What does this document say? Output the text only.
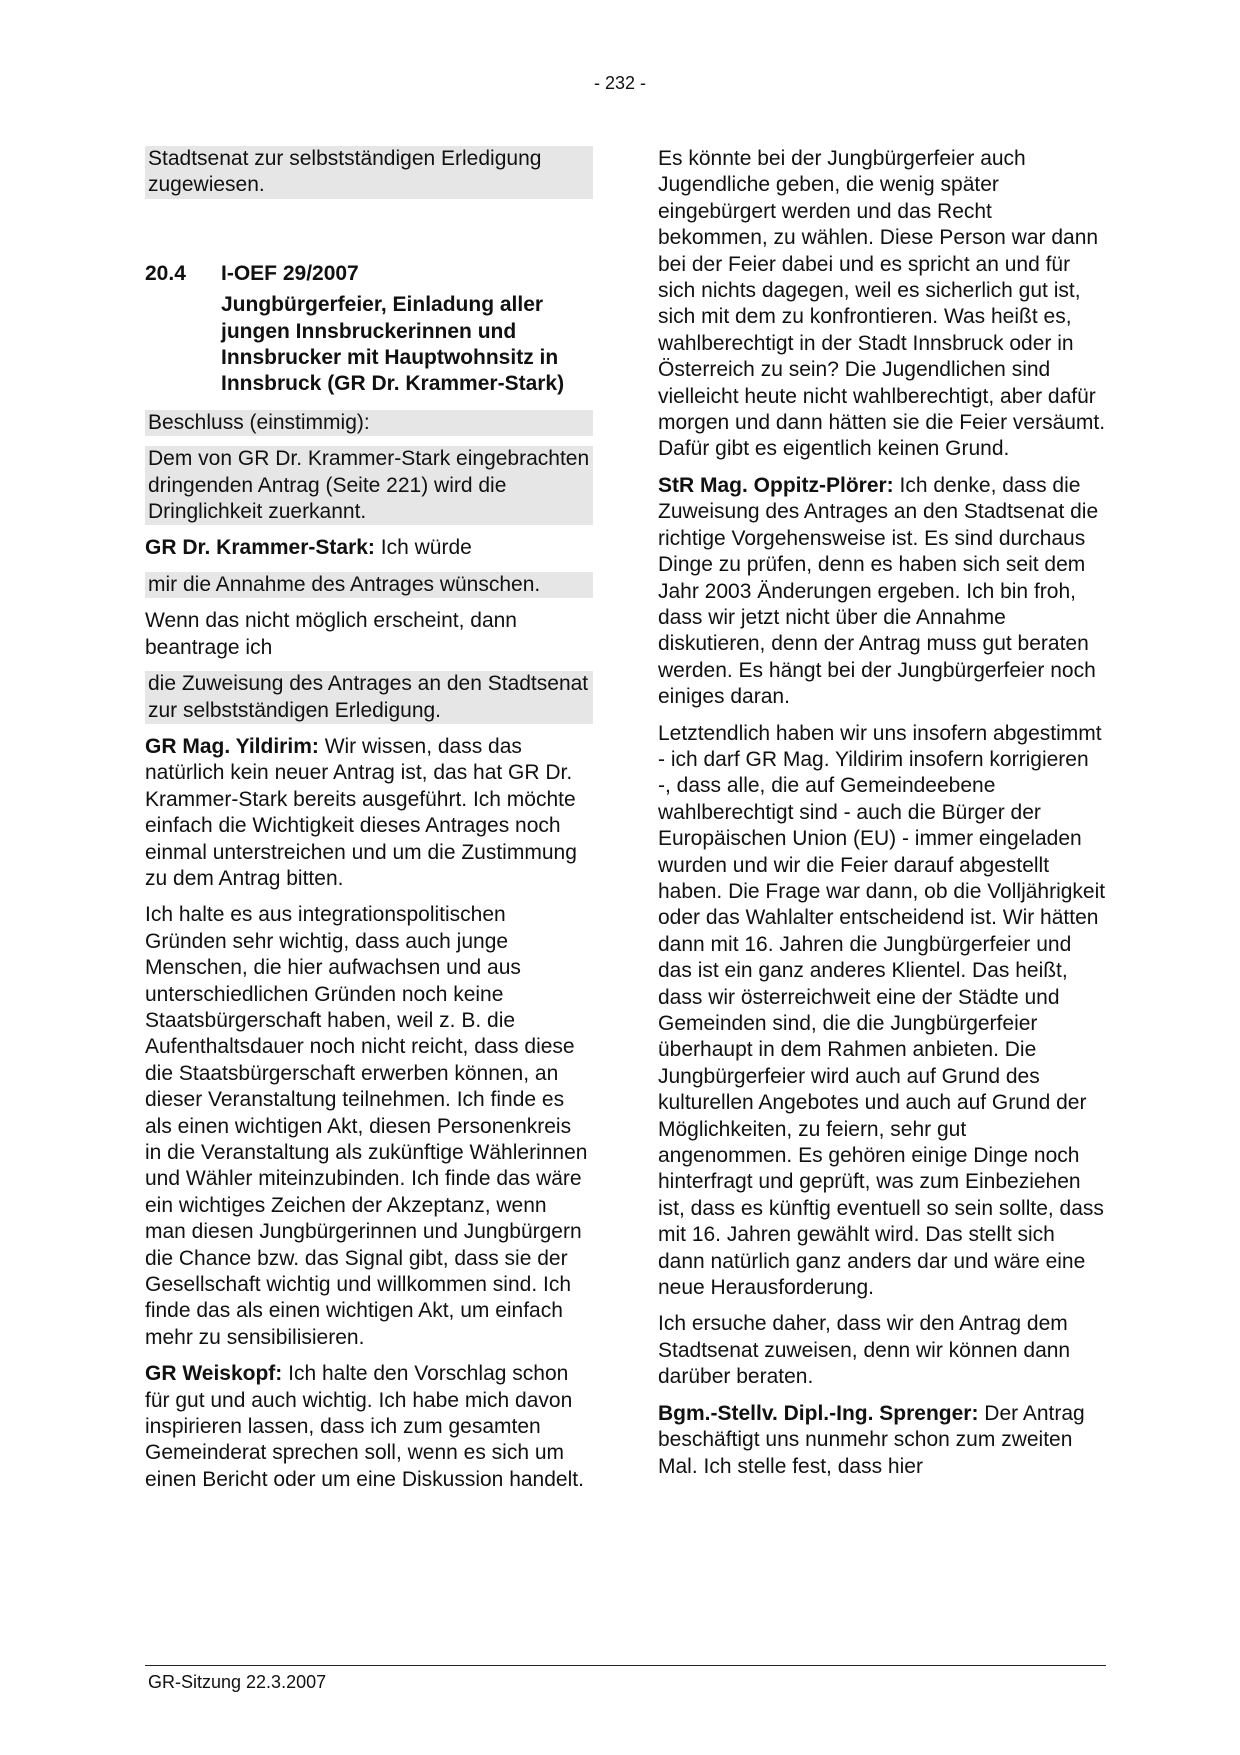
- 232 -

Stadtsenat zur selbstständigen Erledigung zugewiesen.

20.4	I-OEF 29/2007
Jungbürgerfeier, Einladung aller jungen Innsbruckerinnen und Innsbrucker mit Hauptwohnsitz in Innsbruck (GR Dr. Krammer-Stark)

Beschluss (einstimmig):

Dem von GR Dr. Krammer-Stark eingebrachten dringenden Antrag (Seite 221) wird die Dringlichkeit zuerkannt.

GR Dr. Krammer-Stark: Ich würde

mir die Annahme des Antrages wünschen.

Wenn das nicht möglich erscheint, dann beantrage ich

die Zuweisung des Antrages an den Stadtsenat zur selbstständigen Erledigung.

GR Mag. Yildirim: Wir wissen, dass das natürlich kein neuer Antrag ist, das hat GR Dr. Krammer-Stark bereits ausgeführt. Ich möchte einfach die Wichtigkeit dieses Antrages noch einmal unterstreichen und um die Zustimmung zu dem Antrag bitten.

Ich halte es aus integrationspolitischen Gründen sehr wichtig, dass auch junge Menschen, die hier aufwachsen und aus unterschiedlichen Gründen noch keine Staatsbürgerschaft haben, weil z. B. die Aufenthaltsdauer noch nicht reicht, dass diese die Staatsbürgerschaft erwerben können, an dieser Veranstaltung teilnehmen. Ich finde es als einen wichtigen Akt, diesen Personenkreis in die Veranstaltung als zukünftige Wählerinnen und Wähler miteinzubinden. Ich finde das wäre ein wichtiges Zeichen der Akzeptanz, wenn man diesen Jungbürgerinnen und Jungbürgern die Chance bzw. das Signal gibt, dass sie der Gesellschaft wichtig und willkommen sind. Ich finde das als einen wichtigen Akt, um einfach mehr zu sensibilisieren.

GR Weiskopf: Ich halte den Vorschlag schon für gut und auch wichtig. Ich habe mich davon inspirieren lassen, dass ich zum gesamten Gemeinderat sprechen soll, wenn es sich um einen Bericht oder um eine Diskussion handelt.

Es könnte bei der Jungbürgerfeier auch Jugendliche geben, die wenig später eingebürgert werden und das Recht bekommen, zu wählen. Diese Person war dann bei der Feier dabei und es spricht an und für sich nichts dagegen, weil es sicherlich gut ist, sich mit dem zu konfrontieren. Was heißt es, wahlberechtigt in der Stadt Innsbruck oder in Österreich zu sein? Die Jugendlichen sind vielleicht heute nicht wahlberechtigt, aber dafür morgen und dann hätten sie die Feier versäumt. Dafür gibt es eigentlich keinen Grund.

StR Mag. Oppitz-Plörer: Ich denke, dass die Zuweisung des Antrages an den Stadtsenat die richtige Vorgehensweise ist. Es sind durchaus Dinge zu prüfen, denn es haben sich seit dem Jahr 2003 Änderungen ergeben. Ich bin froh, dass wir jetzt nicht über die Annahme diskutieren, denn der Antrag muss gut beraten werden. Es hängt bei der Jungbürgerfeier noch einiges daran.

Letztendlich haben wir uns insofern abgestimmt - ich darf GR Mag. Yildirim insofern korrigieren -, dass alle, die auf Gemeindeebene wahlberechtigt sind - auch die Bürger der Europäischen Union (EU) - immer eingeladen wurden und wir die Feier darauf abgestellt haben. Die Frage war dann, ob die Volljährigkeit oder das Wahlalter entscheidend ist. Wir hätten dann mit 16. Jahren die Jungbürgerfeier und das ist ein ganz anderes Klientel. Das heißt, dass wir österreichweit eine der Städte und Gemeinden sind, die die Jungbürgerfeier überhaupt in dem Rahmen anbieten. Die Jungbürgerfeier wird auch auf Grund des kulturellen Angebotes und auch auf Grund der Möglichkeiten, zu feiern, sehr gut angenommen. Es gehören einige Dinge noch hinterfragt und geprüft, was zum Einbeziehen ist, dass es künftig eventuell so sein sollte, dass mit 16. Jahren gewählt wird. Das stellt sich dann natürlich ganz anders dar und wäre eine neue Herausforderung.

Ich ersuche daher, dass wir den Antrag dem Stadtsenat zuweisen, denn wir können dann darüber beraten.

Bgm.-Stellv. Dipl.-Ing. Sprenger: Der Antrag beschäftigt uns nunmehr schon zum zweiten Mal. Ich stelle fest, dass hier

GR-Sitzung 22.3.2007
